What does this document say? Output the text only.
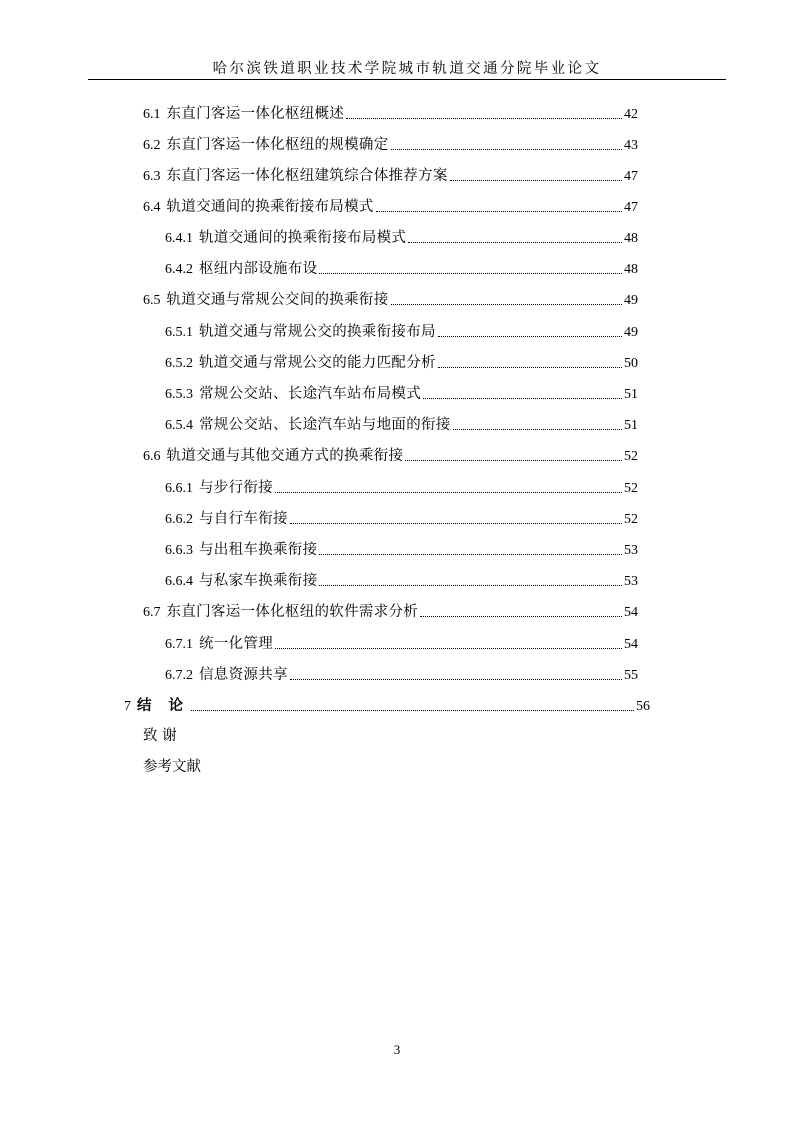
哈尔滨铁道职业技术学院城市轨道交通分院毕业论文
6.1 东直门客运一体化枢纽概述	42
6.2 东直门客运一体化枢纽的规模确定	43
6.3 东直门客运一体化枢纽建筑综合体推荐方案	47
6.4 轨道交通间的换乘衔接布局模式	47
6.4.1 轨道交通间的换乘衔接布局模式	48
6.4.2 枢纽内部设施布设	48
6.5 轨道交通与常规公交间的换乘衔接	49
6.5.1 轨道交通与常规公交的换乘衔接布局	49
6.5.2 轨道交通与常规公交的能力匹配分析	50
6.5.3 常规公交站、长途汽车站布局模式	51
6.5.4 常规公交站、长途汽车站与地面的衔接	51
6.6 轨道交通与其他交通方式的换乘衔接	52
6.6.1 与步行衔接	52
6.6.2 与自行车衔接	52
6.6.3 与出租车换乘衔接	53
6.6.4 与私家车换乘衔接	53
6.7 东直门客运一体化枢纽的软件需求分析	54
6.7.1 统一化管理	54
6.7.2 信息资源共享	55
7 结 论	56
致 谢
参考文献
3
